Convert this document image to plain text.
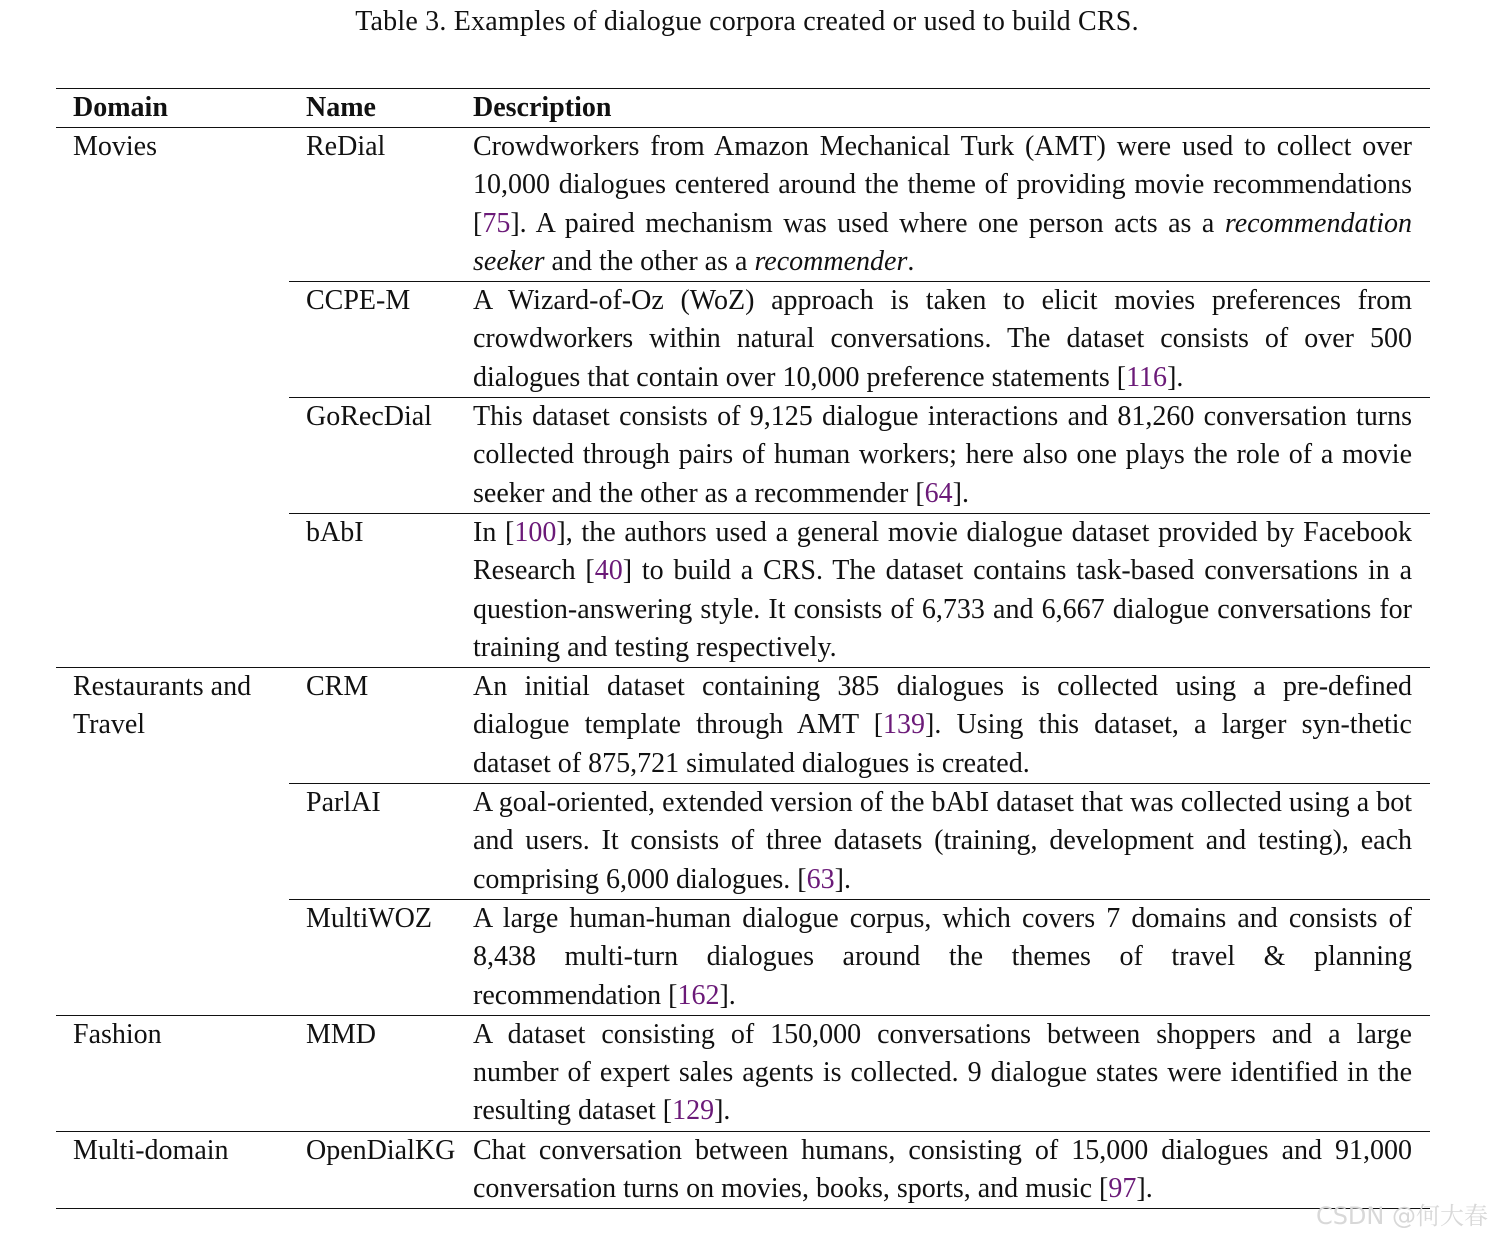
Table 3. Examples of dialogue corpora created or used to build CRS.
Domain	Name	Description
Movies	ReDial	Crowdworkers from Amazon Mechanical Turk (AMT) were used to collect over 10,000 dialogues centered around the theme of providing movie recommendations [75]. A paired mechanism was used where one person acts as a recommendation seeker and the other as a recommender.
	CCPE-M	A Wizard-of-Oz (WoZ) approach is taken to elicit movies preferences from crowdworkers within natural conversations. The dataset consists of over 500 dialogues that contain over 10,000 preference statements [116].
	GoRecDial	This dataset consists of 9,125 dialogue interactions and 81,260 conversation turns collected through pairs of human workers; here also one plays the role of a movie seeker and the other as a recommender [64].
	bAbI	In [100], the authors used a general movie dialogue dataset provided by Facebook Research [40] to build a CRS. The dataset contains task-based conversations in a question-answering style. It consists of 6,733 and 6,667 dialogue conversations for training and testing respectively.
Restaurants and Travel	CRM	An initial dataset containing 385 dialogues is collected using a pre-defined dialogue template through AMT [139]. Using this dataset, a larger syn-thetic dataset of 875,721 simulated dialogues is created.
	ParlAI	A goal-oriented, extended version of the bAbI dataset that was collected using a bot and users. It consists of three datasets (training, development and testing), each comprising 6,000 dialogues. [63].
	MultiWOZ	A large human-human dialogue corpus, which covers 7 domains and consists of 8,438 multi-turn dialogues around the themes of travel & planning recommendation [162].
Fashion	MMD	A dataset consisting of 150,000 conversations between shoppers and a large number of expert sales agents is collected. 9 dialogue states were identified in the resulting dataset [129].
Multi-domain	OpenDialKG	Chat conversation between humans, consisting of 15,000 dialogues and 91,000 conversation turns on movies, books, sports, and music [97].
CSDN @何大春
